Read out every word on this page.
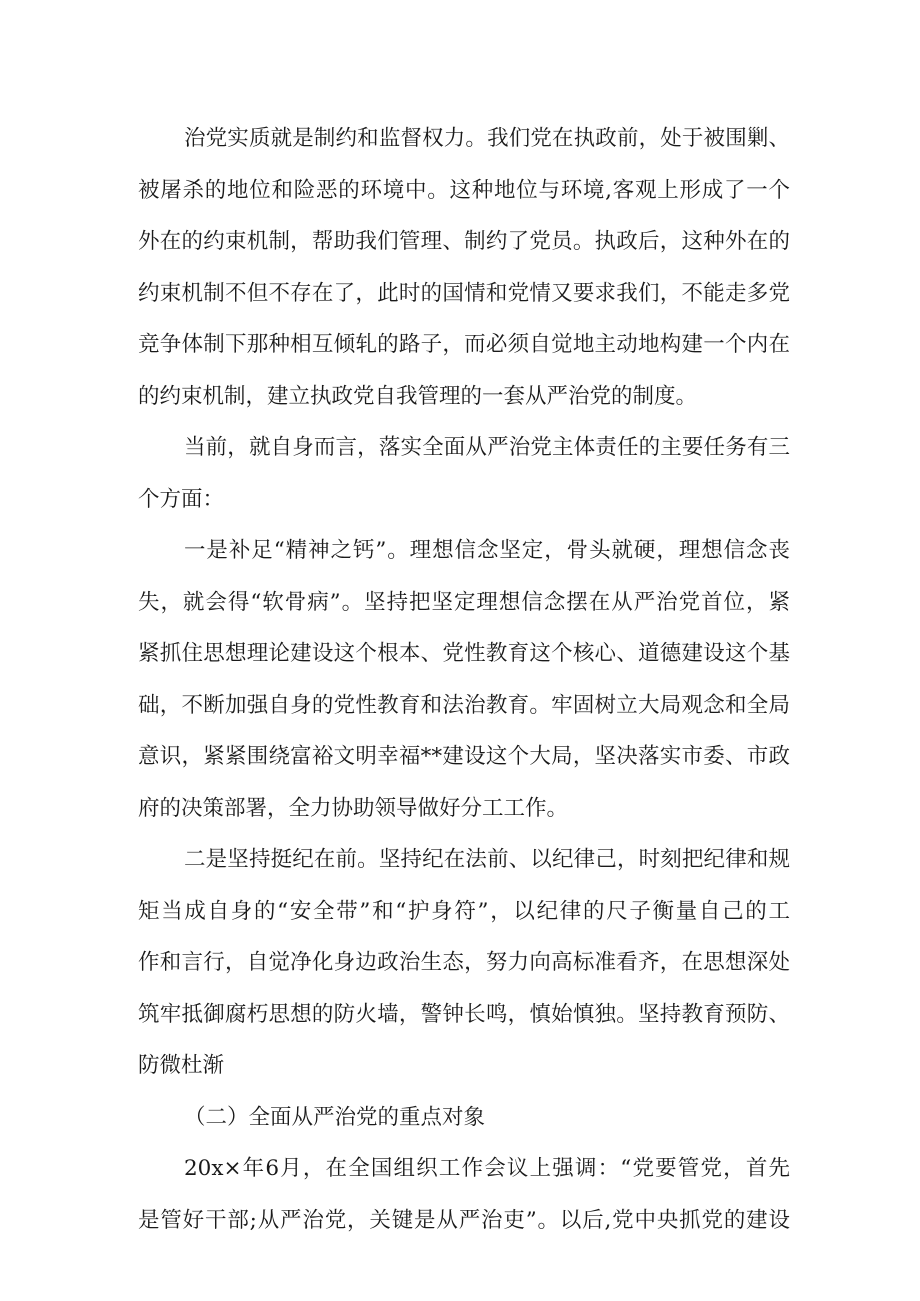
治党实质就是制约和监督权力。我们党在执政前，处于被围剿、
被屠杀的地位和险恶的环境中。这种地位与环境,客观上形成了一个
外在的约束机制，帮助我们管理、制约了党员。执政后，这种外在的
约束机制不但不存在了，此时的国情和党情又要求我们，不能走多党
竞争体制下那种相互倾轧的路子，而必须自觉地主动地构建一个内在
的约束机制，建立执政党自我管理的一套从严治党的制度。
当前，就自身而言，落实全面从严治党主体责任的主要任务有三
个方面：
一是补足“精神之钙”。理想信念坚定，骨头就硬，理想信念丧
失，就会得“软骨病”。坚持把坚定理想信念摆在从严治党首位，紧
紧抓住思想理论建设这个根本、党性教育这个核心、道德建设这个基
础，不断加强自身的党性教育和法治教育。牢固树立大局观念和全局
意识，紧紧围绕富裕文明幸福**建设这个大局，坚决落实市委、市政
府的决策部署，全力协助领导做好分工工作。
二是坚持挺纪在前。坚持纪在法前、以纪律己，时刻把纪律和规
矩当成自身的“安全带”和“护身符”，以纪律的尺子衡量自己的工
作和言行，自觉净化身边政治生态，努力向高标准看齐，在思想深处
筑牢抵御腐朽思想的防火墙，警钟长鸣，慎始慎独。坚持教育预防、
防微杜渐
（二）全面从严治党的重点对象
20x×年6月，在全国组织工作会议上强调：“党要管党，首先
是管好干部;从严治党，关键是从严治吏”。以后,党中央抓党的建设
